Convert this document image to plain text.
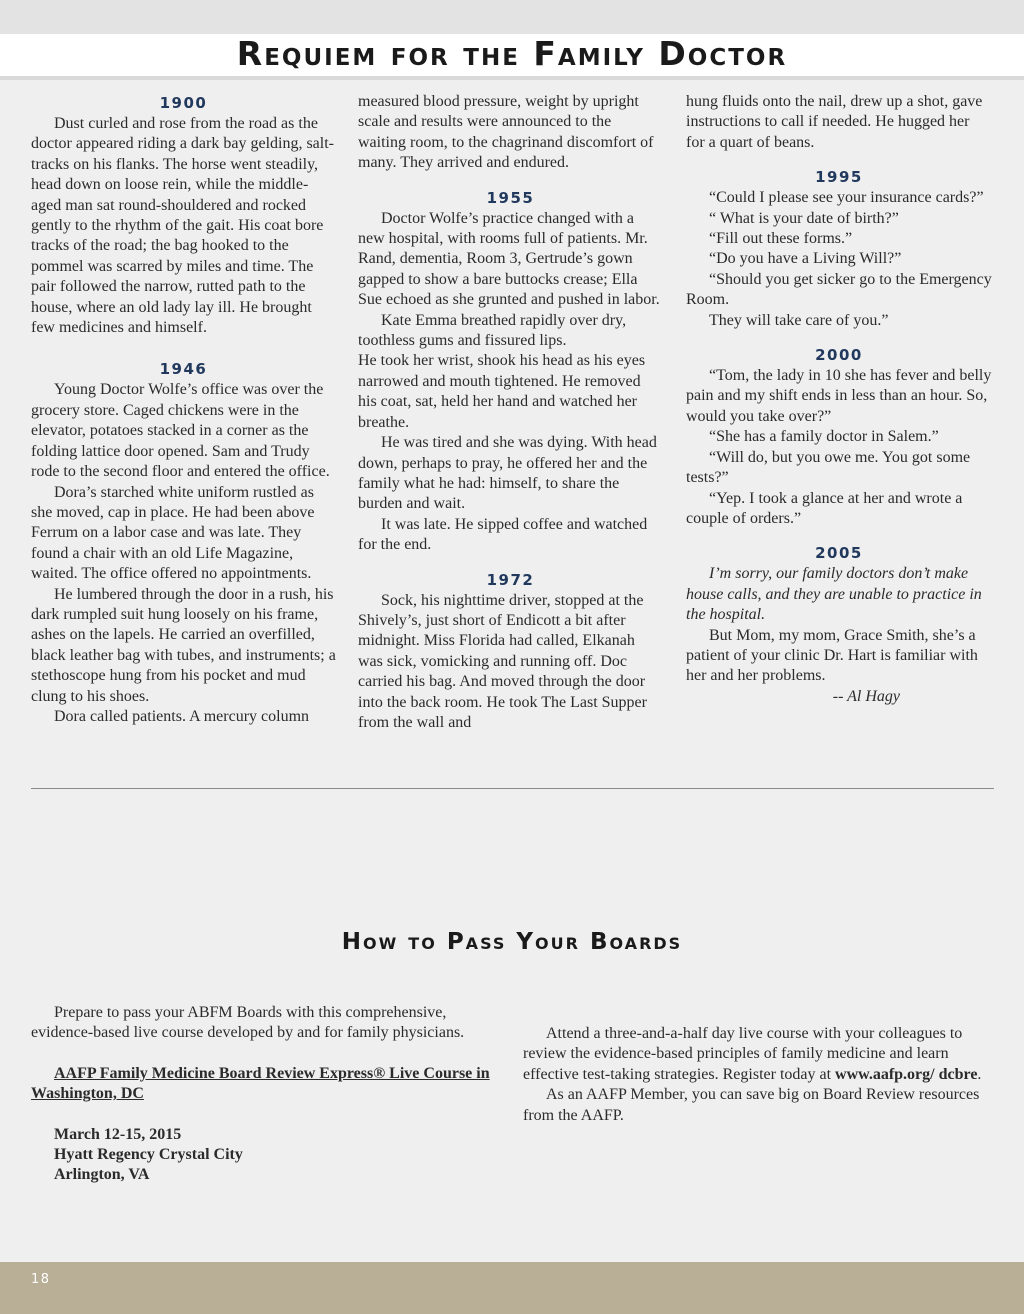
Requiem for the Family Doctor
1900

Dust curled and rose from the road as the doctor appeared riding a dark bay gelding, salt-tracks on his flanks. The horse went steadily, head down on loose rein, while the middle-aged man sat round-shouldered and rocked gently to the rhythm of the gait. His coat bore tracks of the road; the bag hooked to the pommel was scarred by miles and time. The pair followed the narrow, rutted path to the house, where an old lady lay ill. He brought few medicines and himself.

1946

Young Doctor Wolfe’s office was over the grocery store. Caged chickens were in the elevator, potatoes stacked in a corner as the folding lattice door opened. Sam and Trudy rode to the second floor and entered the office.

Dora’s starched white uniform rustled as she moved, cap in place. He had been above Ferrum on a labor case and was late. They found a chair with an old Life Magazine, waited. The office offered no appointments.

He lumbered through the door in a rush, his dark rumpled suit hung loosely on his frame, ashes on the lapels. He carried an overfilled, black leather bag with tubes, and instruments; a stethoscope hung from his pocket and mud clung to his shoes.

Dora called patients. A mercury column

measured blood pressure, weight by upright scale and results were announced to the waiting room, to the chagrinand discomfort of many. They arrived and endured.

1955

Doctor Wolfe’s practice changed with a new hospital, with rooms full of patients. Mr. Rand, dementia, Room 3, Gertrude’s gown gapped to show a bare buttocks crease; Ella Sue echoed as she grunted and pushed in labor.

Kate Emma breathed rapidly over dry, toothless gums and fissured lips.

He took her wrist, shook his head as his eyes narrowed and mouth tightened. He removed his coat, sat, held her hand and watched her breathe.

He was tired and she was dying. With head down, perhaps to pray, he offered her and the family what he had: himself, to share the burden and wait.

It was late. He sipped coffee and watched for the end.

1972

Sock, his nighttime driver, stopped at the Shively’s, just short of Endicott a bit after midnight. Miss Florida had called, Elkanah was sick, vomicking and running off. Doc carried his bag. And moved through the door into the back room. He took The Last Supper from the wall and

hung fluids onto the nail, drew up a shot, gave instructions to call if needed. He hugged her for a quart of beans.

1995

“Could I please see your insurance cards?”

“ What is your date of birth?”

“Fill out these forms.”

“Do you have a Living Will?”

“Should you get sicker go to the Emergency Room.

They will take care of you.”

2000

“Tom, the lady in 10 she has fever and belly pain and my shift ends in less than an hour. So, would you take over?”

“She has a family doctor in Salem.”

“Will do, but you owe me. You got some tests?”

“Yep. I took a glance at her and wrote a couple of orders.”

2005

I’m sorry, our family doctors don’t make house calls, and they are unable to practice in the hospital.

But Mom, my mom, Grace Smith, she’s a patient of your clinic Dr. Hart is familiar with her and her problems.

-- Al Hagy

How to Pass Your Boards

Prepare to pass your ABFM Boards with this comprehensive, evidence-based live course developed by and for family physicians.

AAFP Family Medicine Board Review Express® Live Course in Washington, DC

March 12-15, 2015
Hyatt Regency Crystal City
Arlington, VA

Attend a three-and-a-half day live course with your colleagues to review the evidence-based principles of family medicine and learn effective test-taking strategies. Register today at www.aafp.org/ dcbre.

As an AAFP Member, you can save big on Board Review resources from the AAFP.

18
